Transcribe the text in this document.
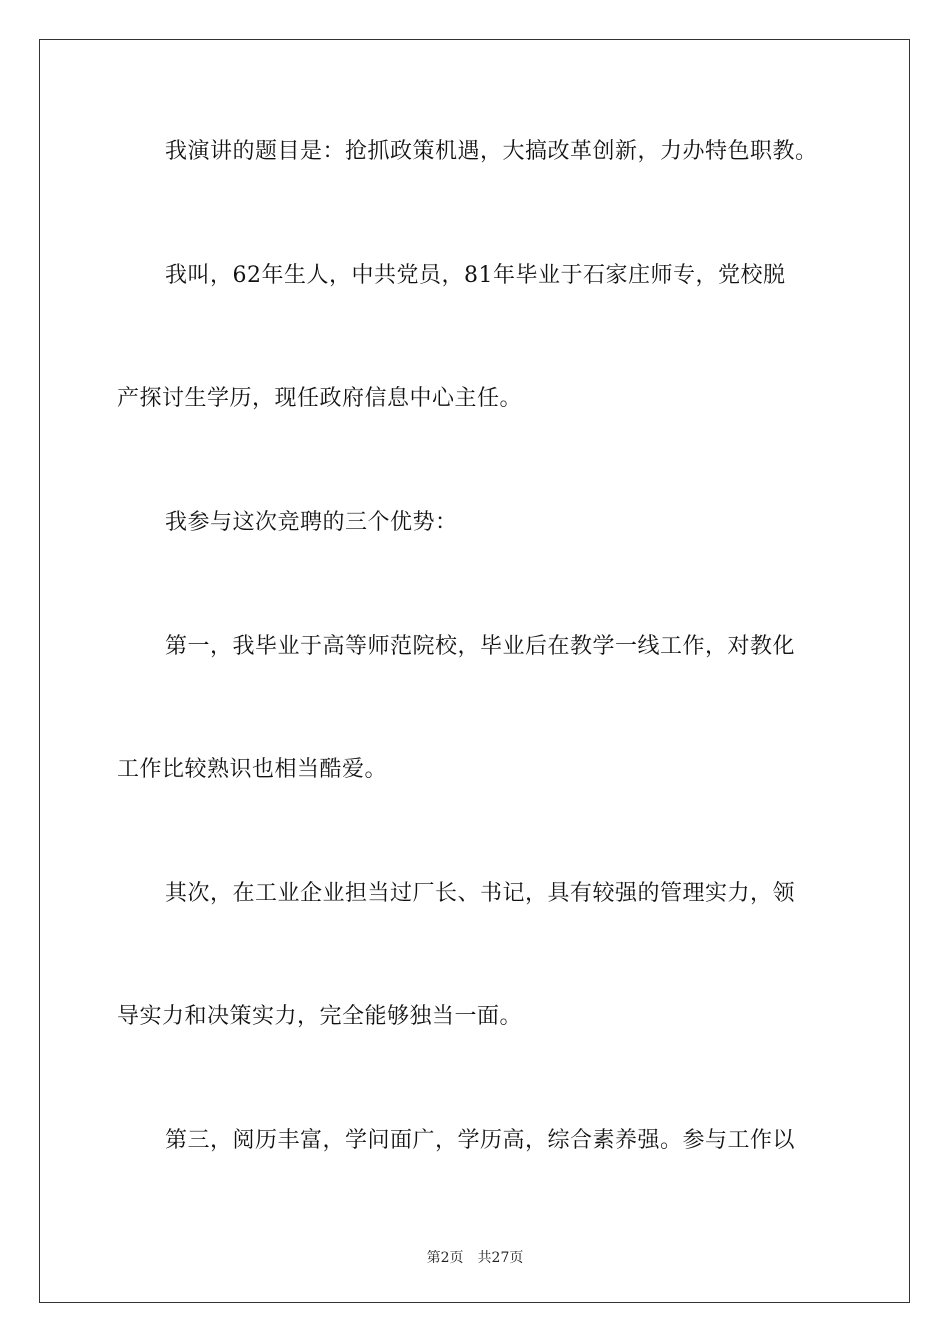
我演讲的题目是：抢抓政策机遇，大搞改革创新，力办特色职教。
我叫，62年生人，中共党员，81年毕业于石家庄师专，党校脱
产探讨生学历，现任政府信息中心主任。
我参与这次竞聘的三个优势：
第一，我毕业于高等师范院校，毕业后在教学一线工作，对教化
工作比较熟识也相当酷爱。
其次，在工业企业担当过厂长、书记，具有较强的管理实力，领
导实力和决策实力，完全能够独当一面。
第三，阅历丰富，学问面广，学历高，综合素养强。参与工作以
第2页 共27页
